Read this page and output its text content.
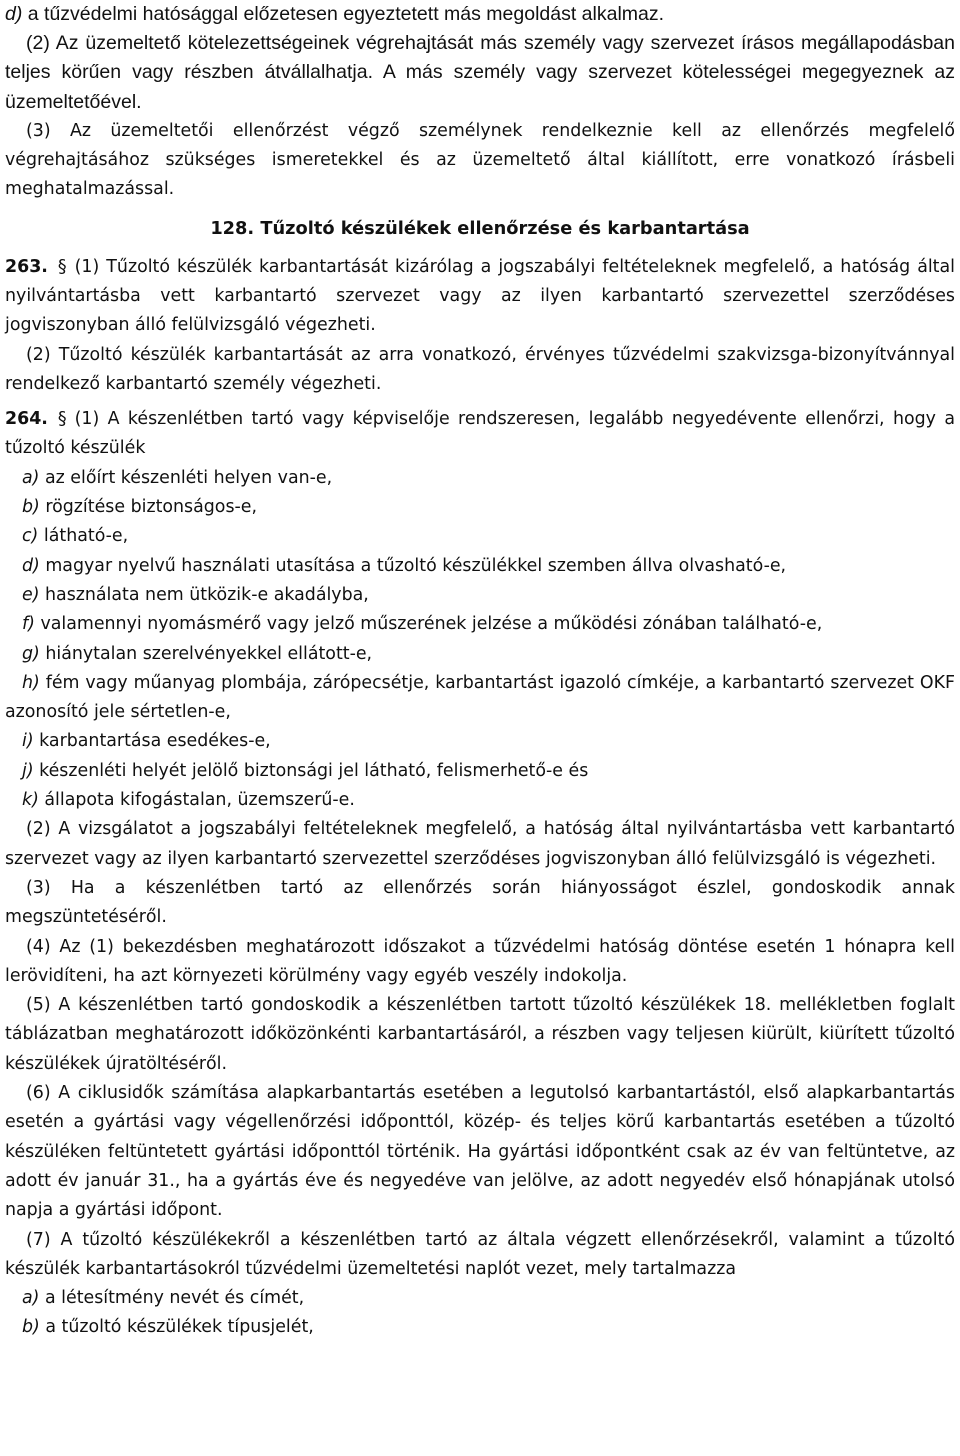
d) a tűzvédelmi hatósággal előzetesen egyeztetett más megoldást alkalmaz.
(2) Az üzemeltető kötelezettségeinek végrehajtását más személy vagy szervezet írásos megállapodásban teljes körűen vagy részben átvállalhatja. A más személy vagy szervezet kötelességei megegyeznek az üzemeltetőével.
(3) Az üzemeltetői ellenőrzést végző személynek rendelkeznie kell az ellenőrzés megfelelő végrehajtásához szükséges ismeretekkel és az üzemeltető által kiállított, erre vonatkozó írásbeli meghatalmazással.
128. Tűzoltó készülékek ellenőrzése és karbantartása
263. § (1) Tűzoltó készülék karbantartását kizárólag a jogszabályi feltételeknek megfelelő, a hatóság által nyilvántartásba vett karbantartó szervezet vagy az ilyen karbantartó szervezettel szerződéses jogviszonyban álló felülvizsgáló végezheti.
(2) Tűzoltó készülék karbantartását az arra vonatkozó, érvényes tűzvédelmi szakvizsga-bizonyítvánnyal rendelkező karbantartó személy végezheti.
264. § (1) A készenlétben tartó vagy képviselője rendszeresen, legalább negyedévente ellenőrzi, hogy a tűzoltó készülék
a) az előírt készenléti helyen van-e,
b) rögzítése biztonságos-e,
c) látható-e,
d) magyar nyelvű használati utasítása a tűzoltó készülékkel szemben állva olvasható-e,
e) használata nem ütközik-e akadályba,
f) valamennyi nyomásmérő vagy jelző műszerének jelzése a működési zónában található-e,
g) hiánytalan szerelvényekkel ellátott-e,
h) fém vagy műanyag plombája, zárópecsétje, karbantartást igazoló címkéje, a karbantartó szervezet OKF azonosító jele sértetlen-e,
i) karbantartása esedékes-e,
j) készenléti helyét jelölő biztonsági jel látható, felismerhető-e és
k) állapota kifogástalan, üzemszerű-e.
(2) A vizsgálatot a jogszabályi feltételeknek megfelelő, a hatóság által nyilvántartásba vett karbantartó szervezet vagy az ilyen karbantartó szervezettel szerződéses jogviszonyban álló felülvizsgáló is végezheti.
(3) Ha a készenlétben tartó az ellenőrzés során hiányosságot észlel, gondoskodik annak megszüntetéséről.
(4) Az (1) bekezdésben meghatározott időszakot a tűzvédelmi hatóság döntése esetén 1 hónapra kell lerövidíteni, ha azt környezeti körülmény vagy egyéb veszély indokolja.
(5) A készenlétben tartó gondoskodik a készenlétben tartott tűzoltó készülékek 18. mellékletben foglalt táblázatban meghatározott időközönkénti karbantartásáról, a részben vagy teljesen kiürült, kiürített tűzoltó készülékek újratöltéséről.
(6) A ciklusidők számítása alapkarbantartás esetében a legutolsó karbantartástól, első alapkarbantartás esetén a gyártási vagy végellenőrzési időponttól, közép- és teljes körű karbantartás esetében a tűzoltó készüléken feltüntetett gyártási időponttól történik. Ha gyártási időpontként csak az év van feltüntetve, az adott év január 31., ha a gyártás éve és negyedéve van jelölve, az adott negyedév első hónapjának utolsó napja a gyártási időpont.
(7) A tűzoltó készülékekről a készenlétben tartó az általa végzett ellenőrzésekről, valamint a tűzoltó készülék karbantartásokról tűzvédelmi üzemeltetési naplót vezet, mely tartalmazza
a) a létesítmény nevét és címét,
b) a tűzoltó készülékek típusjelét,
